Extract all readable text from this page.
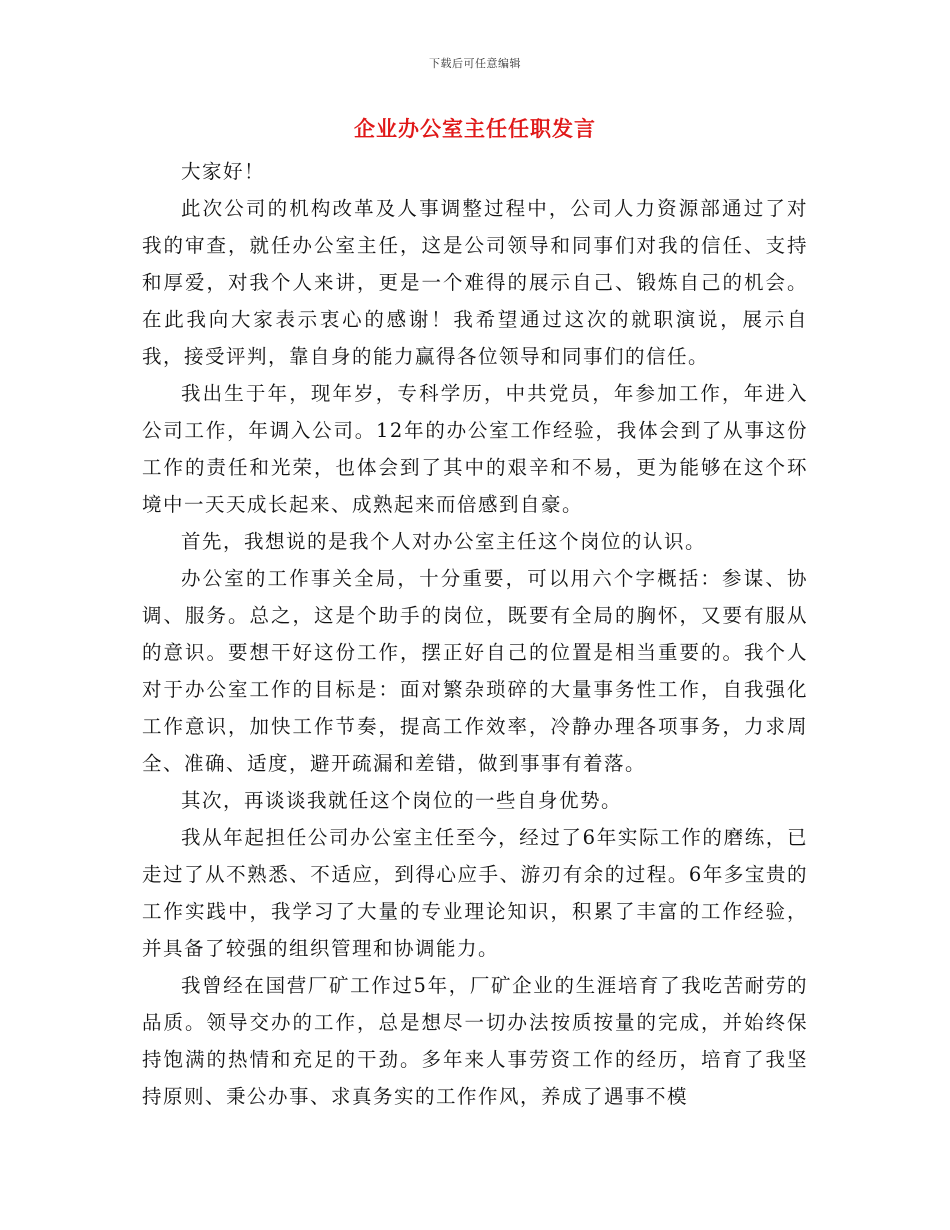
下载后可任意编辑
企业办公室主任任职发言

大家好！

此次公司的机构改革及人事调整过程中，公司人力资源部通过了对我的审查，就任办公室主任，这是公司领导和同事们对我的信任、支持和厚爱，对我个人来讲，更是一个难得的展示自己、锻炼自己的机会。在此我向大家表示衷心的感谢！我希望通过这次的就职演说，展示自我，接受评判，靠自身的能力赢得各位领导和同事们的信任。

我出生于年，现年岁，专科学历，中共党员，年参加工作，年进入公司工作，年调入公司。12年的办公室工作经验，我体会到了从事这份工作的责任和光荣，也体会到了其中的艰辛和不易，更为能够在这个环境中一天天成长起来、成熟起来而倍感到自豪。

首先，我想说的是我个人对办公室主任这个岗位的认识。

办公室的工作事关全局，十分重要，可以用六个字概括：参谋、协调、服务。总之，这是个助手的岗位，既要有全局的胸怀，又要有服从的意识。要想干好这份工作，摆正好自己的位置是相当重要的。我个人对于办公室工作的目标是：面对繁杂琐碎的大量事务性工作，自我强化工作意识，加快工作节奏，提高工作效率，冷静办理各项事务，力求周全、准确、适度，避开疏漏和差错，做到事事有着落。

其次，再谈谈我就任这个岗位的一些自身优势。

我从年起担任公司办公室主任至今，经过了6年实际工作的磨练，已走过了从不熟悉、不适应，到得心应手、游刃有余的过程。6年多宝贵的工作实践中，我学习了大量的专业理论知识，积累了丰富的工作经验，并具备了较强的组织管理和协调能力。

我曾经在国营厂矿工作过5年，厂矿企业的生涯培育了我吃苦耐劳的品质。领导交办的工作，总是想尽一切办法按质按量的完成，并始终保持饱满的热情和充足的干劲。多年来人事劳资工作的经历，培育了我坚持原则、秉公办事、求真务实的工作作风，养成了遇事不模
